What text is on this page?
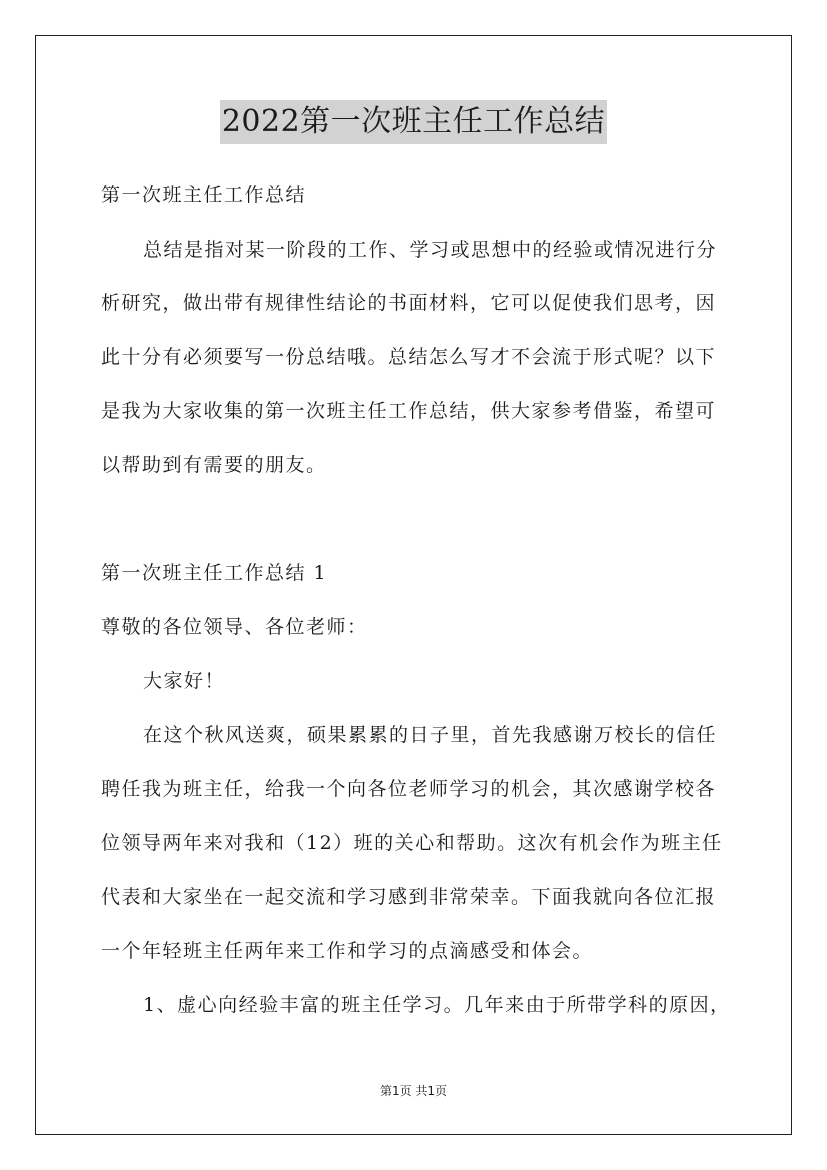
2022第一次班主任工作总结
第一次班主任工作总结
总结是指对某一阶段的工作、学习或思想中的经验或情况进行分
析研究，做出带有规律性结论的书面材料，它可以促使我们思考，因
此十分有必须要写一份总结哦。总结怎么写才不会流于形式呢？以下
是我为大家收集的第一次班主任工作总结，供大家参考借鉴，希望可
以帮助到有需要的朋友。
第一次班主任工作总结 1
尊敬的各位领导、各位老师：
大家好！
在这个秋风送爽，硕果累累的日子里，首先我感谢万校长的信任
聘任我为班主任，给我一个向各位老师学习的机会，其次感谢学校各
位领导两年来对我和（12）班的关心和帮助。这次有机会作为班主任
代表和大家坐在一起交流和学习感到非常荣幸。下面我就向各位汇报
一个年轻班主任两年来工作和学习的点滴感受和体会。
1、虚心向经验丰富的班主任学习。几年来由于所带学科的原因，
第1页 共1页
